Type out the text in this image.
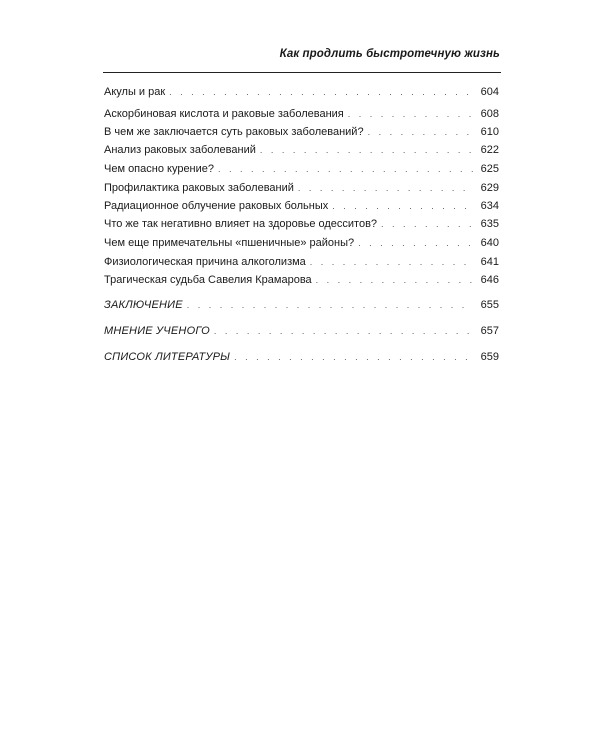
Как продлить быстротечную жизнь
Акулы и рак . . .	604
Аскорбиновая кислота и раковые заболевания . . .	608
В чем же заключается суть раковых заболеваний? . . .	610
Анализ раковых заболеваний . . .	622
Чем опасно курение? . . .	625
Профилактика раковых заболеваний . . .	629
Радиационное облучение раковых больных . . .	634
Что же так негативно влияет на здоровье одесситов? . . .	635
Чем еще примечательны «пшеничные» районы? . . .	640
Физиологическая причина алкоголизма . . .	641
Трагическая судьба Савелия Крамарова . . .	646
ЗАКЛЮЧЕНИЕ . . .	655
МНЕНИЕ УЧЕНОГО . . .	657
СПИСОК ЛИТЕРАТУРЫ . . .	659
